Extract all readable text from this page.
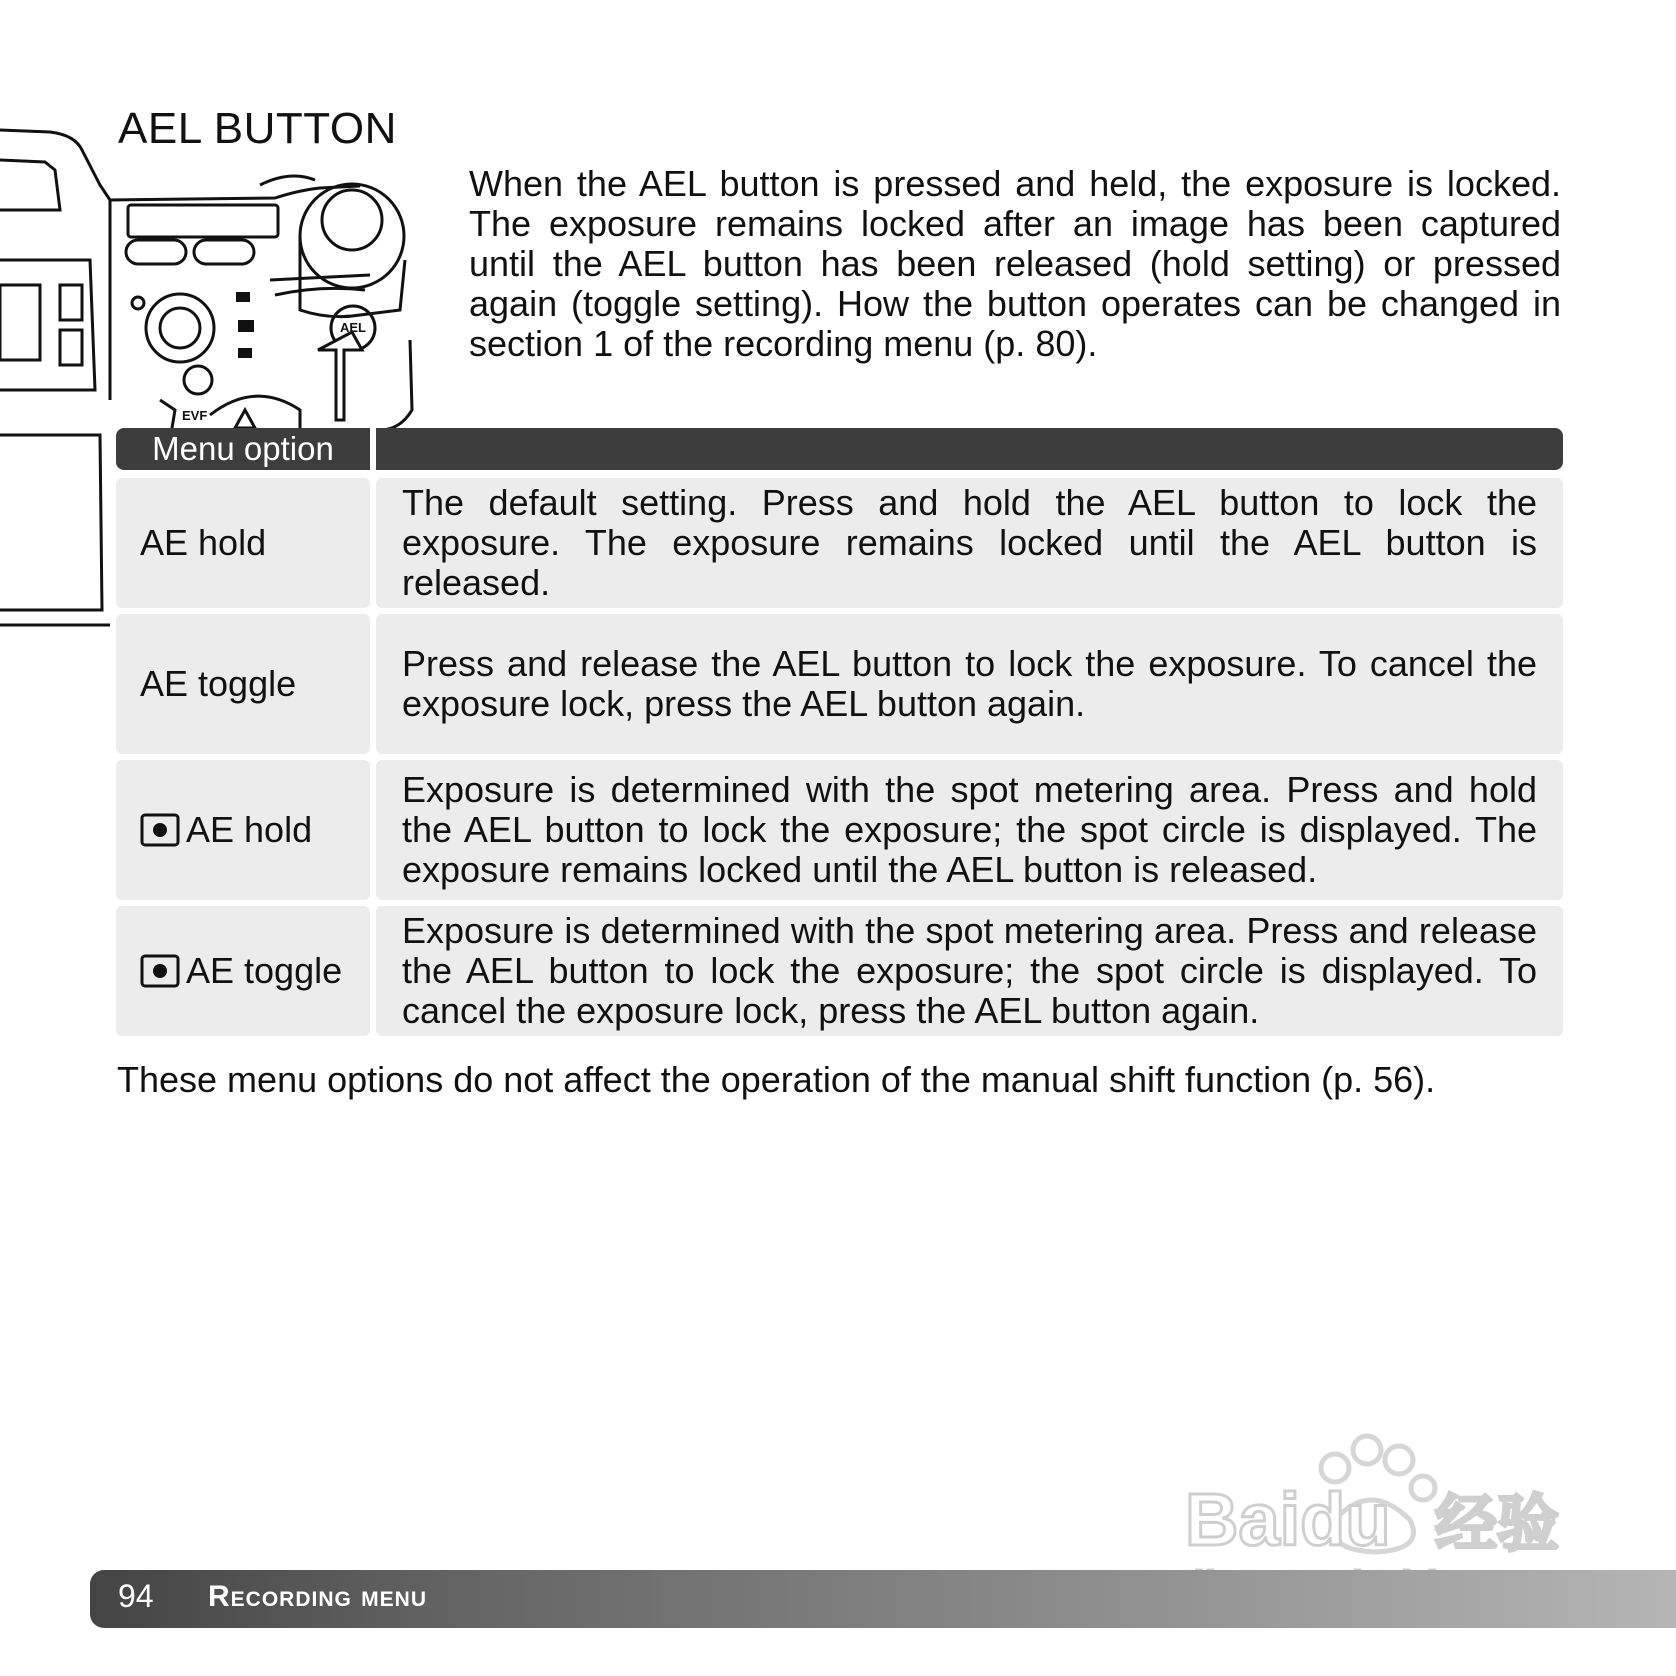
AEL
EVF
AEL BUTTON

When the AEL button is pressed and held, the exposure is locked. The exposure remains locked after an image has been captured until the AEL button has been released (hold setting) or pressed again (toggle setting). How the button operates can be changed in section 1 of the recording menu (p. 80).

Menu option
AE hold

The default setting. Press and hold the AEL button to lock the exposure. The exposure remains locked until the AEL button is released.

AE toggle	Press and release the AEL button to lock the exposure. To cancel the exposure lock, press the AEL button again.

AE hold

Exposure is determined with the spot metering area. Press and hold the AEL button to lock the exposure; the spot circle is displayed. The exposure remains locked until the AEL button is released.

AE toggle

Exposure is determined with the spot metering area. Press and release the AEL button to lock the exposure; the spot circle is displayed. To cancel the exposure lock, press the AEL button again.

These menu options do not affect the operation of the manual shift function (p. 56).

Baidu 经验
94 Recording menu
